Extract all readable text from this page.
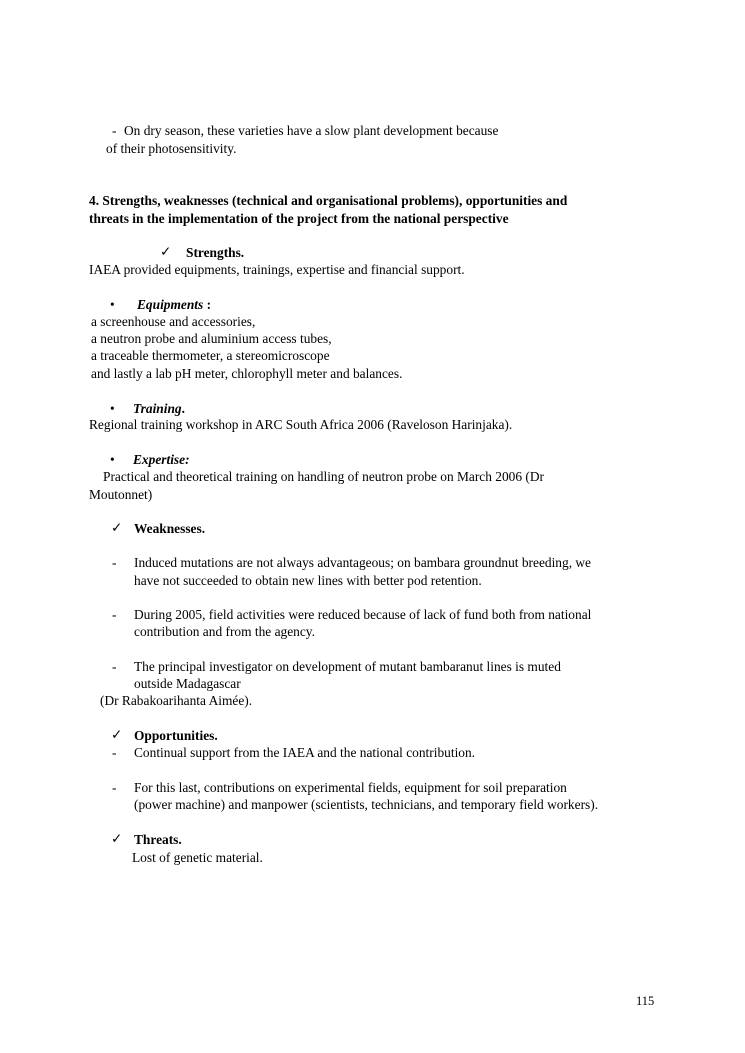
- On dry season, these varieties have a slow plant development because
of their photosensitivity.
4. Strengths, weaknesses (technical and organisational problems), opportunities and
threats in the implementation of the project from the national perspective
✓ Strengths.
IAEA provided equipments, trainings, expertise and financial support.
• Equipments :
a screenhouse and accessories,
a neutron probe and aluminium access tubes,
a traceable thermometer, a stereomicroscope
and lastly a lab pH meter, chlorophyll meter and balances.
• Training.
Regional training workshop in ARC South Africa 2006 (Raveloson Harinjaka).
• Expertise:
Practical and theoretical training on handling of neutron probe on March 2006 (Dr
Moutonnet)
✓ Weaknesses.
- Induced mutations are not always advantageous; on bambara groundnut breeding, we
have not succeeded to obtain new lines with better pod retention.
- During 2005, field activities were reduced because of lack of fund both from national
contribution and from the agency.
- The principal investigator on development of mutant bambaranut lines is muted
outside Madagascar
(Dr Rabakoarihanta Aimée).
✓ Opportunities.
- Continual support from the IAEA and the national contribution.
- For this last, contributions on experimental fields, equipment for soil preparation
(power machine) and manpower (scientists, technicians, and temporary field workers).
✓ Threats.
Lost of genetic material.
115
